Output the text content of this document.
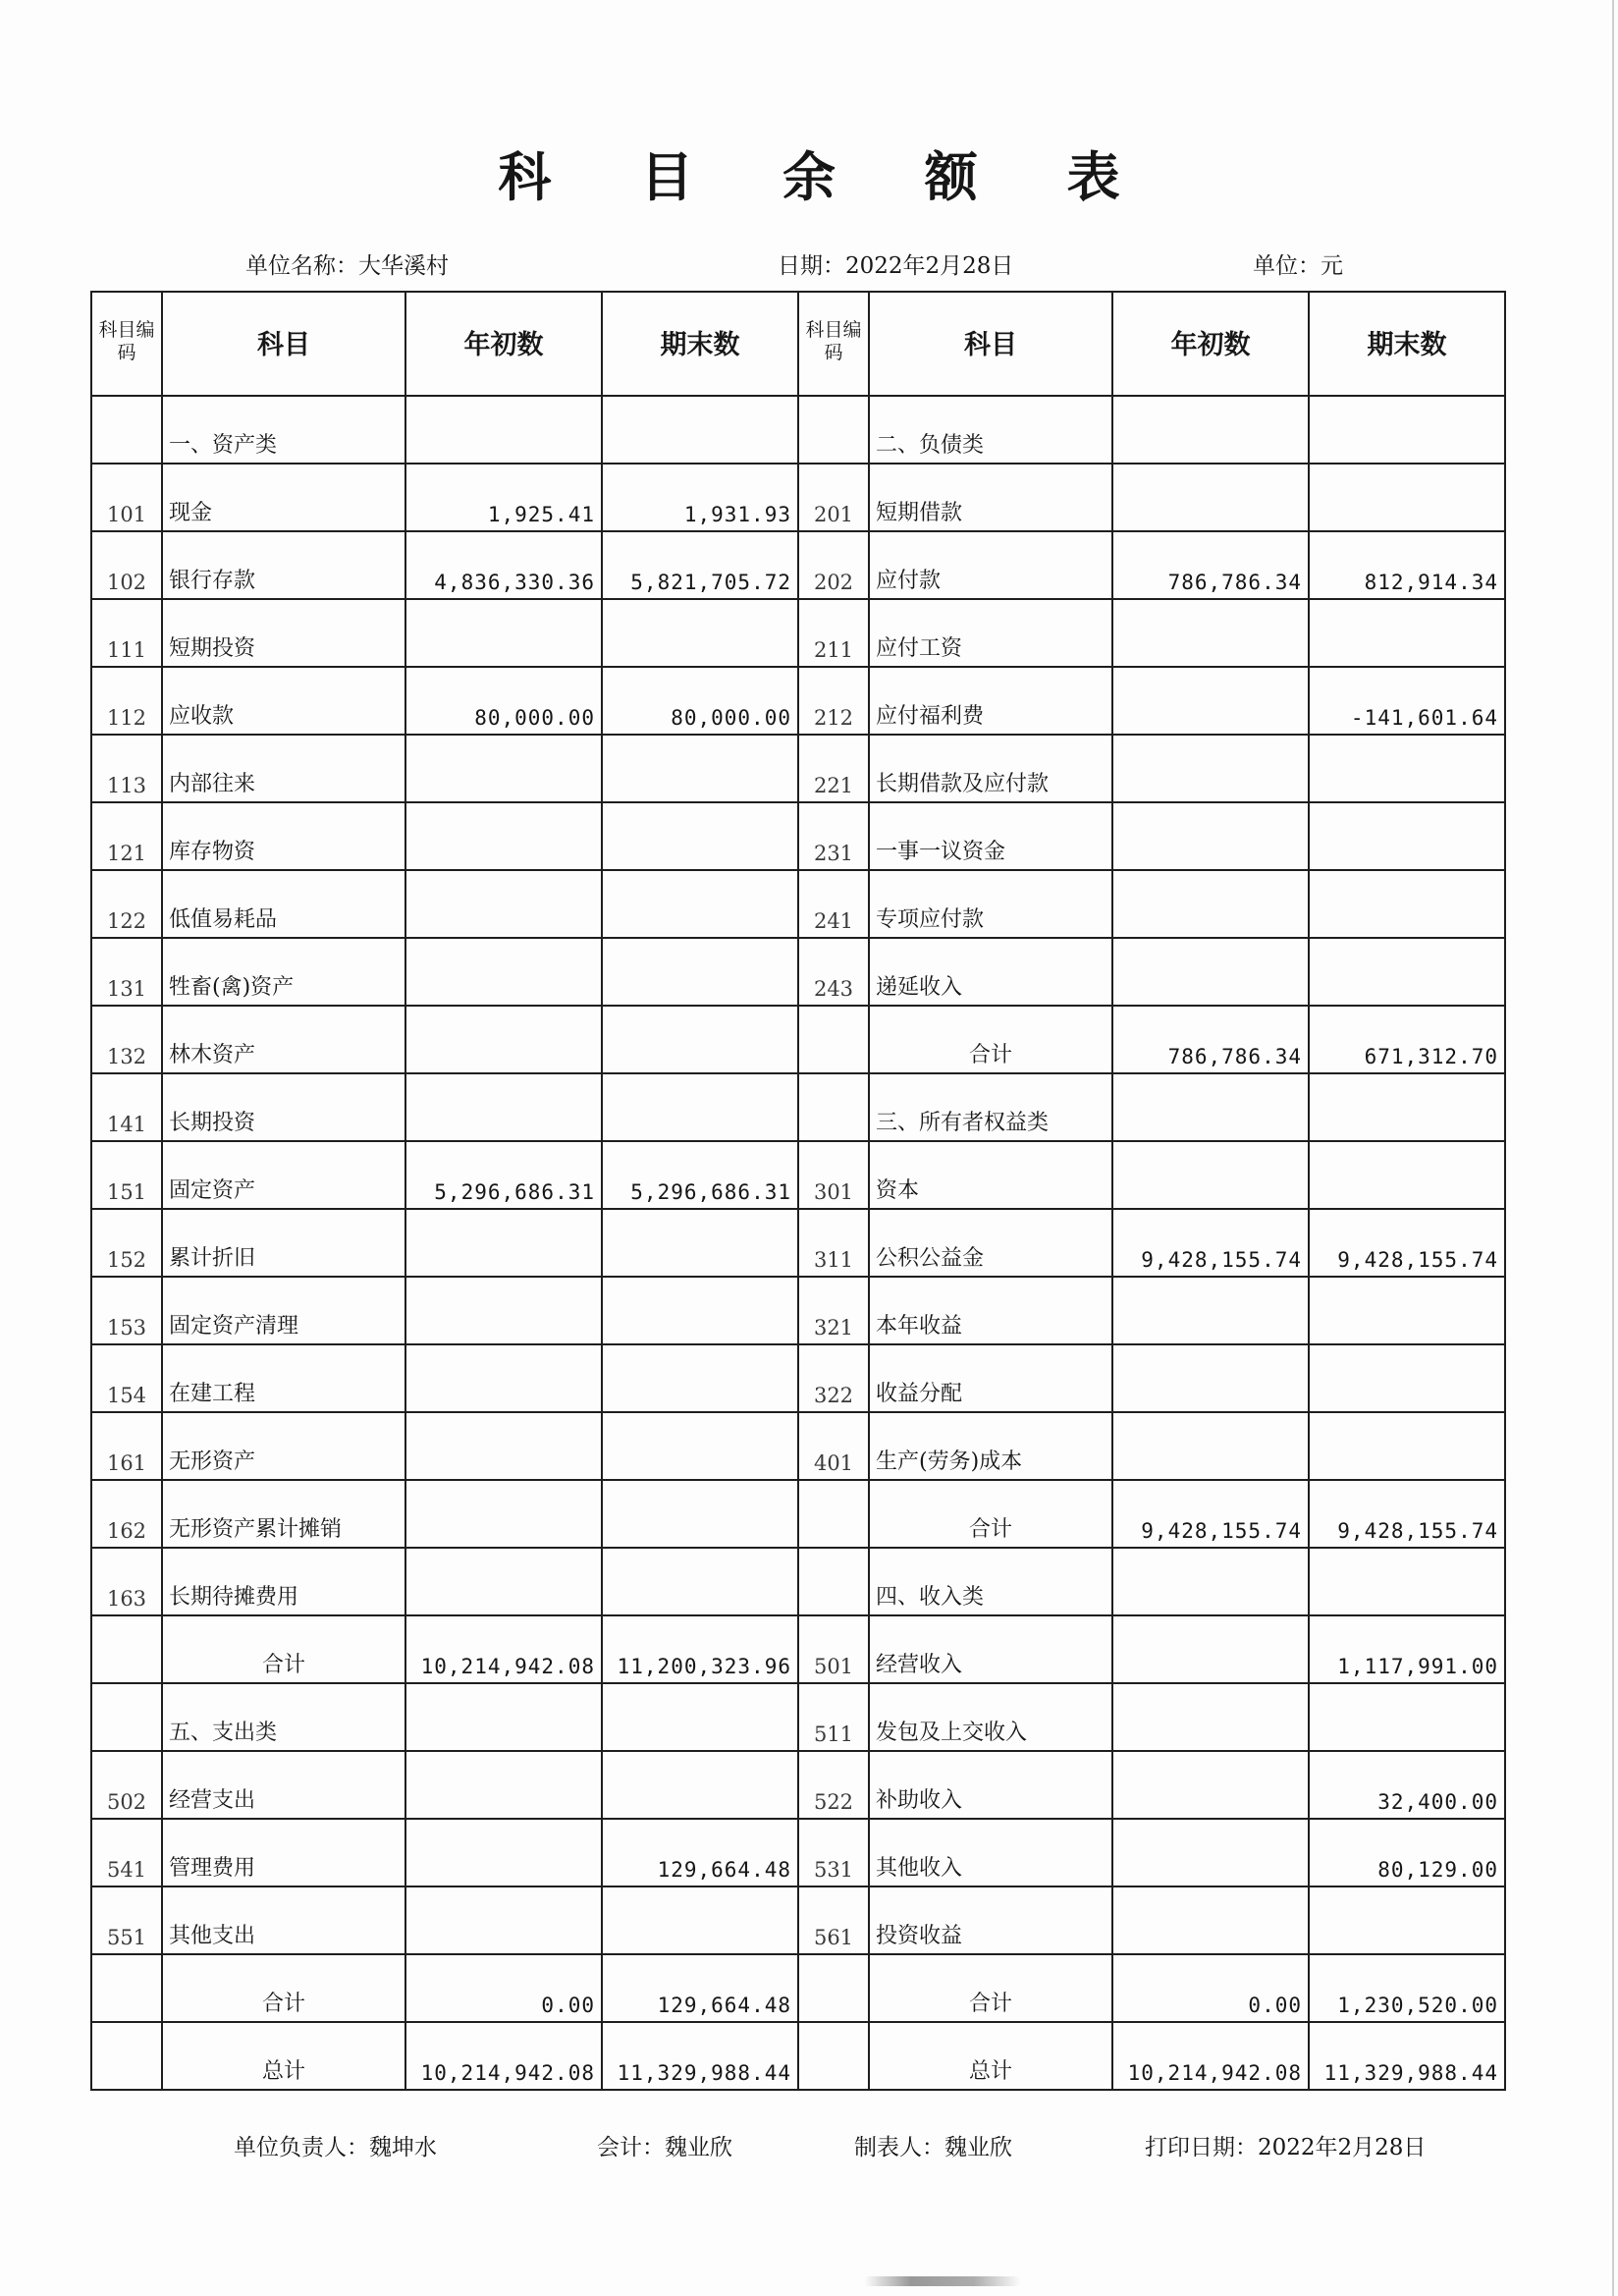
科 目 余 额 表
单位名称：大华溪村	日期：2022年2月28日	单位：元
科目编码	科目	年初数	期末数	科目编码	科目	年初数	期末数
	一、资产类				二、负债类		
101	现金	1,925.41	1,931.93	201	短期借款		
102	银行存款	4,836,330.36	5,821,705.72	202	应付款	786,786.34	812,914.34
111	短期投资			211	应付工资		
112	应收款	80,000.00	80,000.00	212	应付福利费		-141,601.64
113	内部往来			221	长期借款及应付款		
121	库存物资			231	一事一议资金		
122	低值易耗品			241	专项应付款		
131	牲畜(禽)资产			243	递延收入		
132	林木资产				合计	786,786.34	671,312.70
141	长期投资				三、所有者权益类		
151	固定资产	5,296,686.31	5,296,686.31	301	资本		
152	累计折旧			311	公积公益金	9,428,155.74	9,428,155.74
153	固定资产清理			321	本年收益		
154	在建工程			322	收益分配		
161	无形资产			401	生产(劳务)成本		
162	无形资产累计摊销				合计	9,428,155.74	9,428,155.74
163	长期待摊费用				四、收入类		
	合计	10,214,942.08	11,200,323.96	501	经营收入		1,117,991.00
	五、支出类			511	发包及上交收入		
502	经营支出			522	补助收入		32,400.00
541	管理费用		129,664.48	531	其他收入		80,129.00
551	其他支出			561	投资收益		
	合计	0.00	129,664.48		合计	0.00	1,230,520.00
	总计	10,214,942.08	11,329,988.44		总计	10,214,942.08	11,329,988.44
单位负责人：魏坤水	会计：魏业欣	制表人：魏业欣	打印日期：2022年2月28日
